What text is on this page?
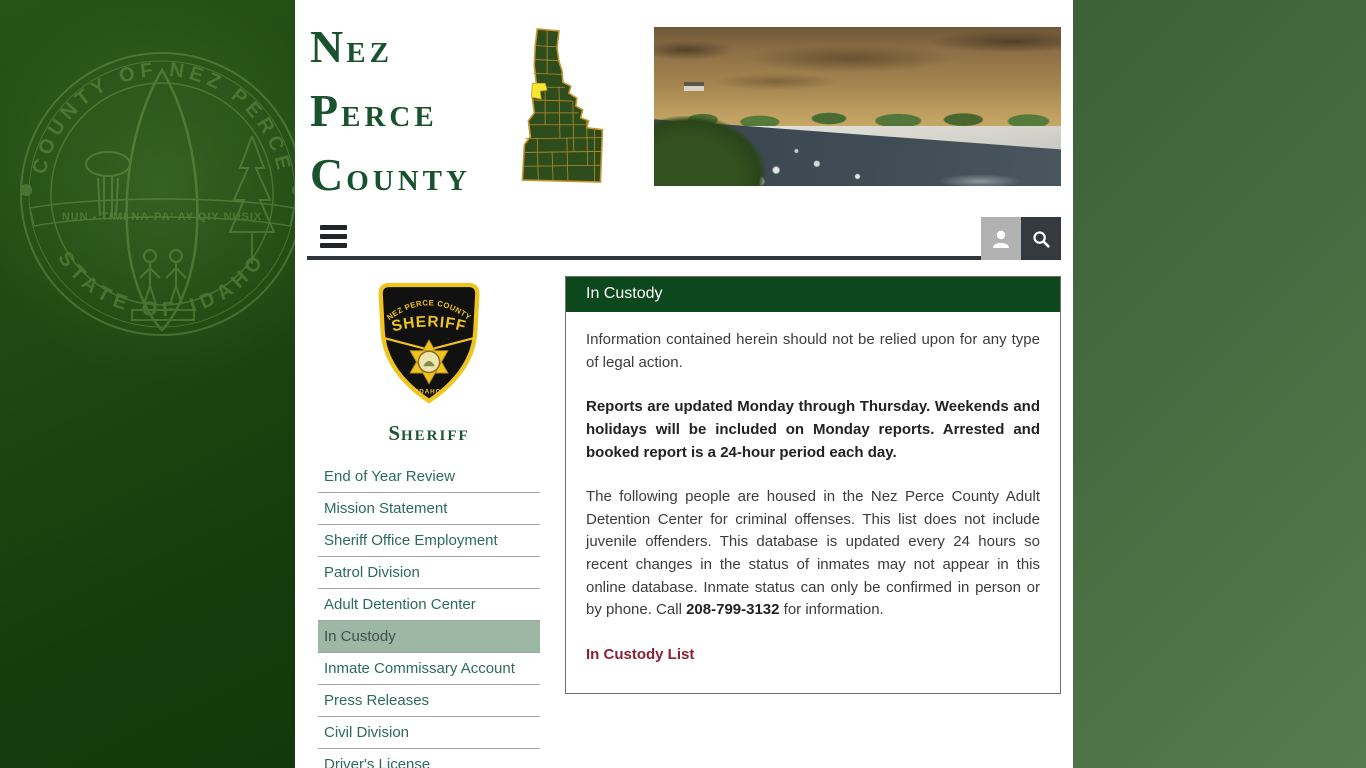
COUNTY OF NEZ PERCE
STATE OF IDAHO
NUN - TIMI NA-PA' AY QIY NUSIX
NEZ
PERCE
COUNTY
NEZ PERCE COUNTY
SHERIFF
IDAHO
SHERIFF
End of Year Review
Mission Statement
Sheriff Office Employment
Patrol Division
Adult Detention Center
In Custody
Inmate Commissary Account
Press Releases
Civil Division
Driver's License
In Custody

Information contained herein should not be relied upon for any type of legal action.

Reports are updated Monday through Thursday. Weekends and holidays will be included on Monday reports. Arrested and booked report is a 24-hour period each day.

The following people are housed in the Nez Perce County Adult Detention Center for criminal offenses. This list does not include juvenile offenders. This database is updated every 24 hours so recent changes in the status of inmates may not appear in this online database. Inmate status can only be confirmed in person or by phone. Call 208-799-3132 for information.

In Custody List
